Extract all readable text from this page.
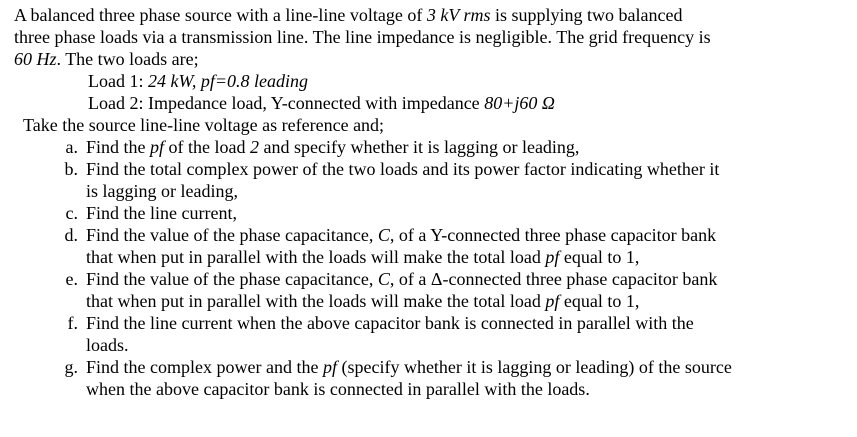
A balanced three phase source with a line-line voltage of 3 kV rms is supplying two balanced
three phase loads via a transmission line. The line impedance is negligible. The grid frequency is
60 Hz. The two loads are;
Load 1: 24 kW, pf=0.8 leading
Load 2: Impedance load, Y-connected with impedance 80+j60 Ω
Take the source line-line voltage as reference and;
a. Find the pf of the load 2 and specify whether it is lagging or leading,
b. Find the total complex power of the two loads and its power factor indicating whether it
is lagging or leading,
c. Find the line current,
d. Find the value of the phase capacitance, C, of a Y-connected three phase capacitor bank
that when put in parallel with the loads will make the total load pf equal to 1,
e. Find the value of the phase capacitance, C, of a Δ-connected three phase capacitor bank
that when put in parallel with the loads will make the total load pf equal to 1,
f. Find the line current when the above capacitor bank is connected in parallel with the
loads.
g. Find the complex power and the pf (specify whether it is lagging or leading) of the source
when the above capacitor bank is connected in parallel with the loads.
